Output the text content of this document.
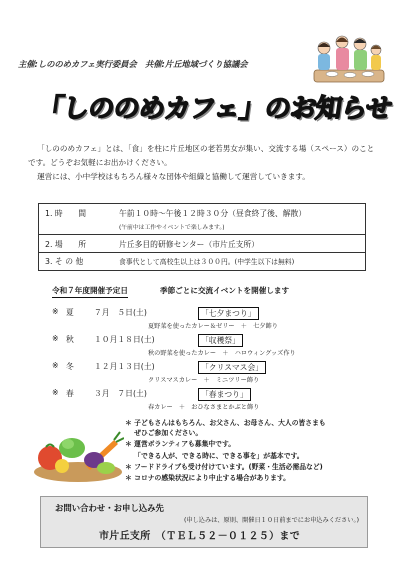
主催:しののめカフェ実行委員会　共催:片丘地域づくり協議会
「しののめカフェ」のお知らせ

「しののめカフェ」とは、「食」を柱に片丘地区の老若男女が集い、交流する場（スペース）のことです。どうぞお気軽にお出かけください。

運営には、小中学校はもちろん様々な団体や組織と協働して運営していきます。

1. 時　　間	午前１０時～午後１２時３０分（昼食終了後、解散）
(午前中は工作やイベントで楽しみます。)
2. 場　　所	片丘多目的研修センター（市片丘支所）
3. そ の 他	食事代として高校生以上は３００円。(中学生以下は無料)
令和７年度開催予定日	季節ごとに交流イベントを開催します
※ 夏	７月　５日(土)	「七夕まつり」
夏野菜を使ったカレー＆ゼリー　＋　七夕飾り
※ 秋	１０月１８日(土)	「収穫祭」
秋の野菜を使ったカレー　＋　ハロウィングッズ作り
※ 冬	１２月１３日(土)	「クリスマス会」
クリスマスカレー　＋　ミニツリー飾り
※ 春	３月　７日(土)	「春まつり」
春カレー　＋　おひなさまとかぶと飾り
＊ 子どもさんはもちろん、お父さん、お母さん、大人の皆さまも
　 ぜひご参加ください。
＊ 運営ボランティアも募集中です。
　 「できる人が、できる時に、できる事を」が基本です。
＊ フードドライブも受け付けています。(野菜・生活必需品など)
＊ コロナの感染状況により中止する場合があります。
お問い合わせ・お申し込み先
(申し込みは、原則、開催日１０日前までにお申込みください。)
市片丘支所　（ＴＥＬ５２－０１２５）まで
